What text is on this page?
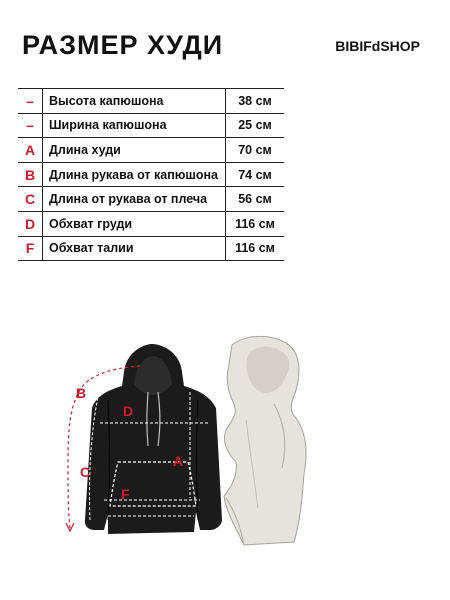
РАЗМЕР ХУДИ	BIBIFdSHOP
–	Высота капюшона	38 см
–	Ширина капюшона	25 см
A	Длина худи	70 см
B	Длина рукава от капюшона	74 см
C	Длина от рукава от плеча	56 см
D	Обхват груди	116 см
F	Обхват талии	116 см
B
D
A
C
F
